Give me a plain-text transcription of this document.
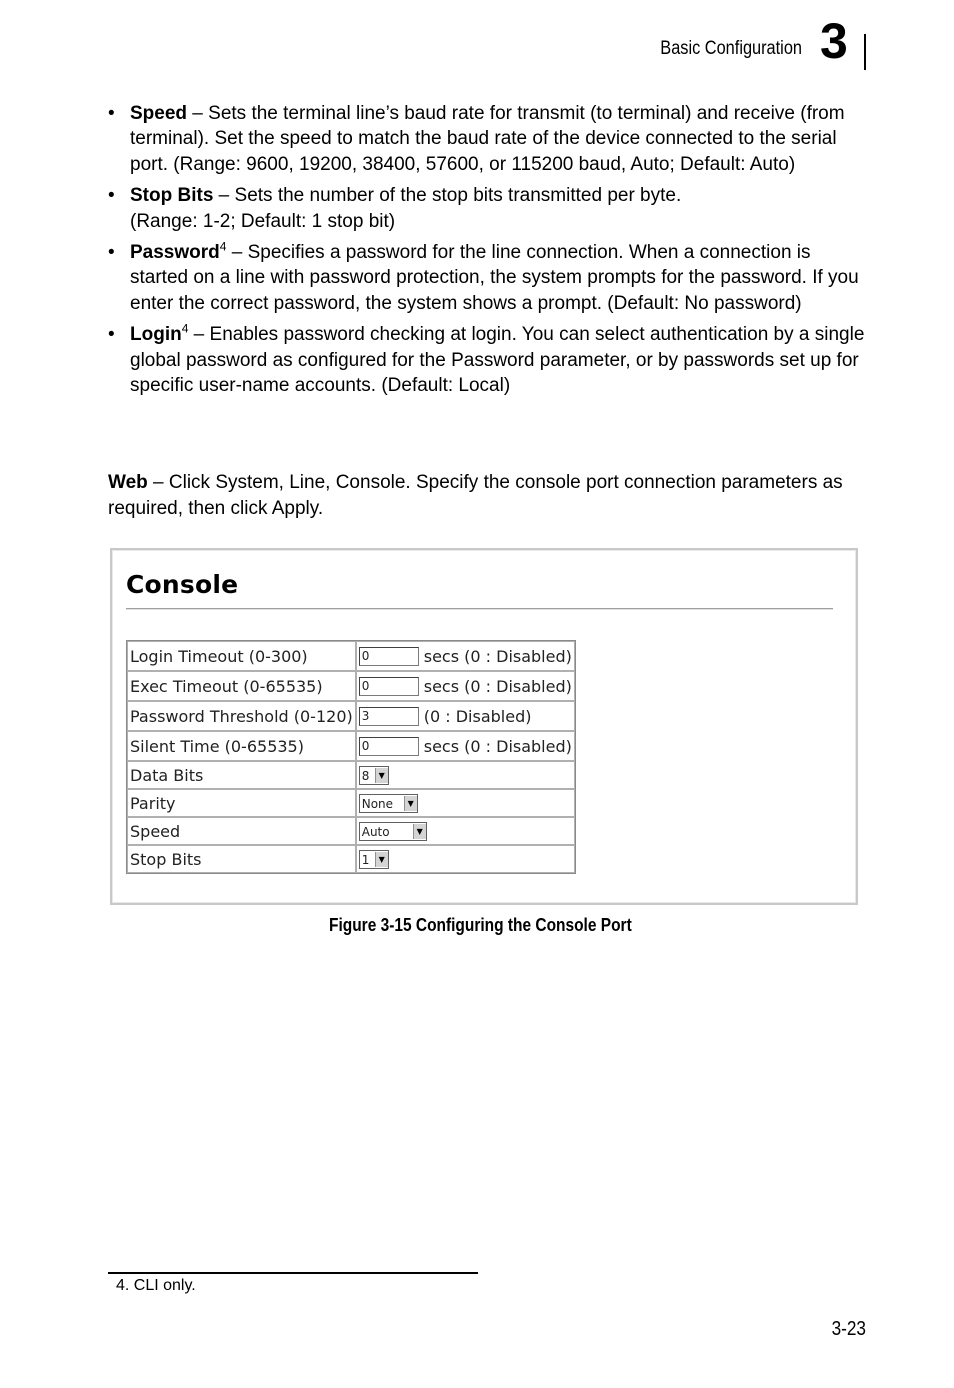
Basic Configuration 3
• Speed – Sets the terminal line’s baud rate for transmit (to terminal) and receive (from terminal). Set the speed to match the baud rate of the device connected to the serial port. (Range: 9600, 19200, 38400, 57600, or 115200 baud, Auto; Default: Auto)
• Stop Bits – Sets the number of the stop bits transmitted per byte.
(Range: 1-2; Default: 1 stop bit)
• Password$^4$ – Specifies a password for the line connection. When a connection is started on a line with password protection, the system prompts for the password. If you enter the correct password, the system shows a prompt. (Default: No password)
• Login$^4$ – Enables password checking at login. You can select authentication by a single global password as configured for the Password parameter, or by passwords set up for specific user-name accounts. (Default: Local)
Web – Click System, Line, Console. Specify the console port connection parameters as required, then click Apply.
Console
Login Timeout (0-300)	0 secs (0 : Disabled)
Exec Timeout (0-65535)	0 secs (0 : Disabled)
Password Threshold (0-120)	3 (0 : Disabled)
Silent Time (0-65535)	0 secs (0 : Disabled)
Data Bits	8 ▼

Parity	None ▼

Speed	Auto ▼

Stop Bits	1 ▼
Figure 3-15 Configuring the Console Port
4. CLI only.
3-23
